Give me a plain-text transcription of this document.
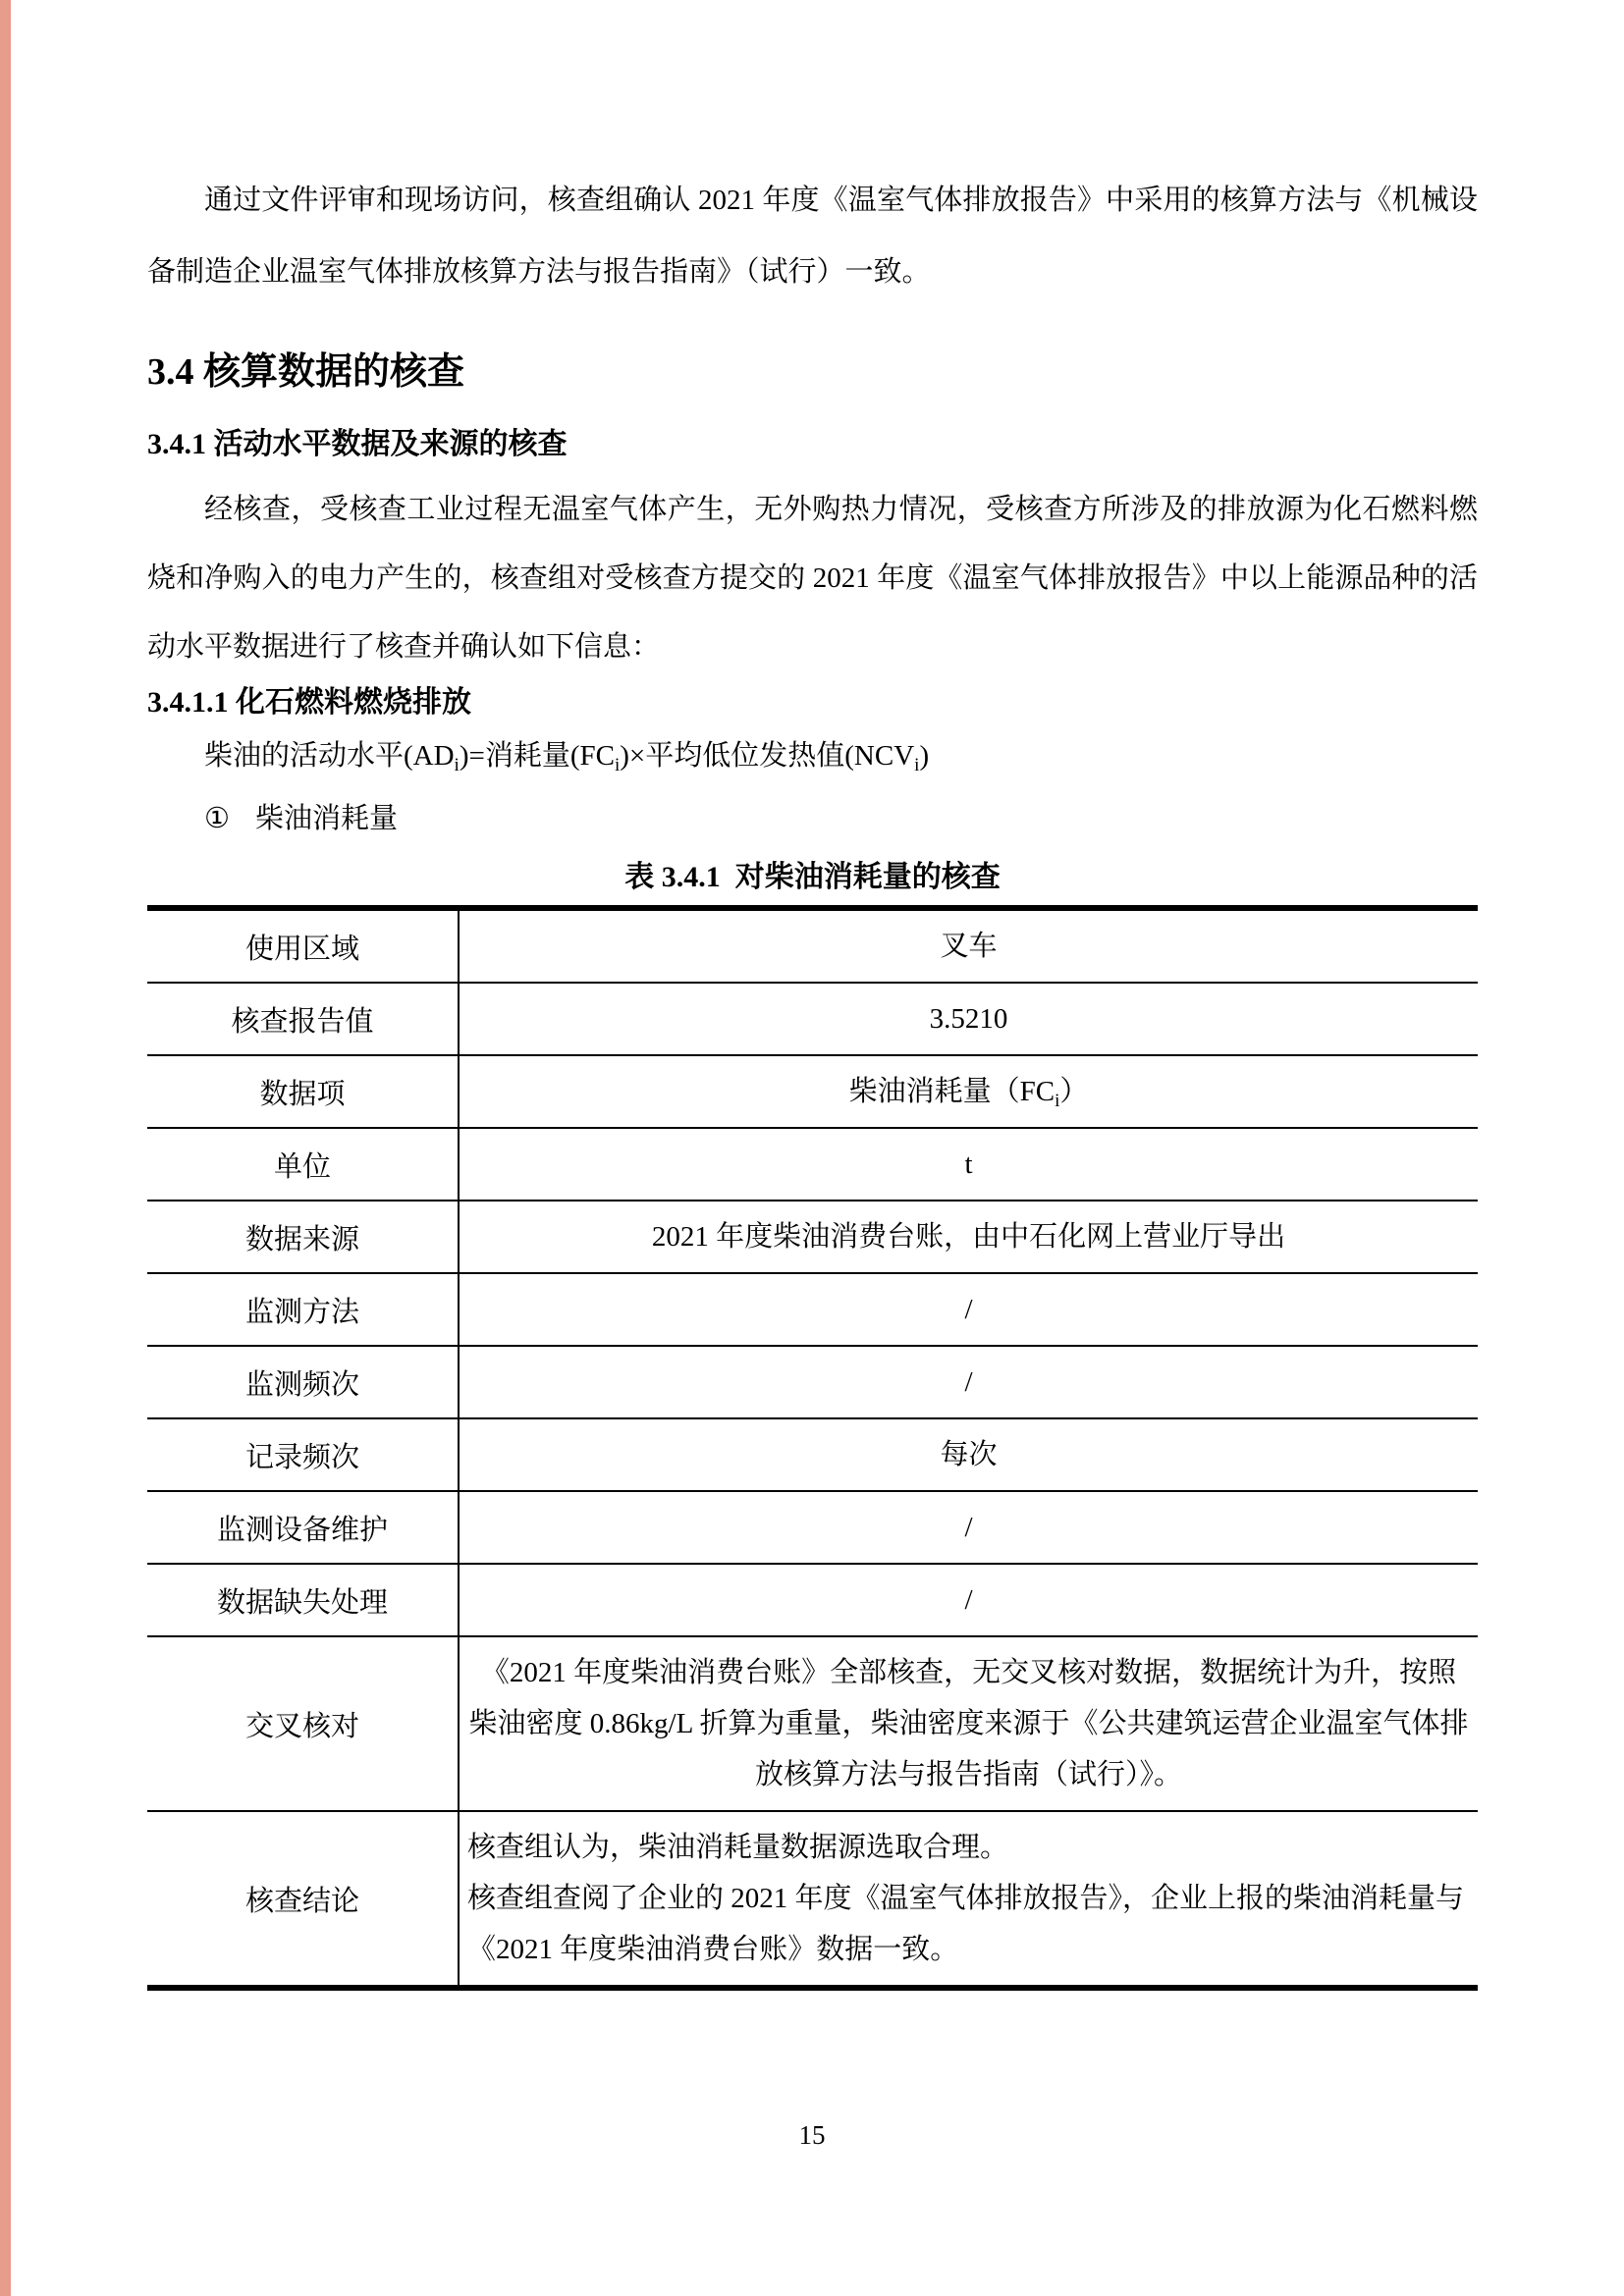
通过文件评审和现场访问，核查组确认 2021 年度《温室气体排放报告》中采用的核算方法与《机械设备制造企业温室气体排放核算方法与报告指南》（试行）一致。

3.4 核算数据的核查
3.4.1 活动水平数据及来源的核查

经核查，受核查工业过程无温室气体产生，无外购热力情况，受核查方所涉及的排放源为化石燃料燃烧和净购入的电力产生的，核查组对受核查方提交的 2021 年度《温室气体排放报告》中以上能源品种的活动水平数据进行了核查并确认如下信息：

3.4.1.1 化石燃料燃烧排放
柴油的活动水平$(AD_i)=$消耗量$(FC_i)\times$平均低位发热值$(NCV_i)$
① 柴油消耗量
表 3.4.1  对柴油消耗量的核查
使用区域	叉车
核查报告值	3.5210
数据项	柴油消耗量$(FC_i)$
单位	t
数据来源	2021 年度柴油消费台账，由中石化网上营业厅导出
监测方法	/
监测频次	/
记录频次	每次
监测设备维护	/
数据缺失处理	/
交叉核对	《2021 年度柴油消费台账》全部核查，无交叉核对数据，数据统计为升，按照柴油密度 0.86kg/L 折算为重量，柴油密度来源于《公共建筑运营企业温室气体排放核算方法与报告指南（试行）》。
核查结论	核查组认为，柴油消耗量数据源选取合理。
核查组查阅了企业的 2021 年度《温室气体排放报告》，企业上报的柴油消耗量与《2021 年度柴油消费台账》数据一致。
15
